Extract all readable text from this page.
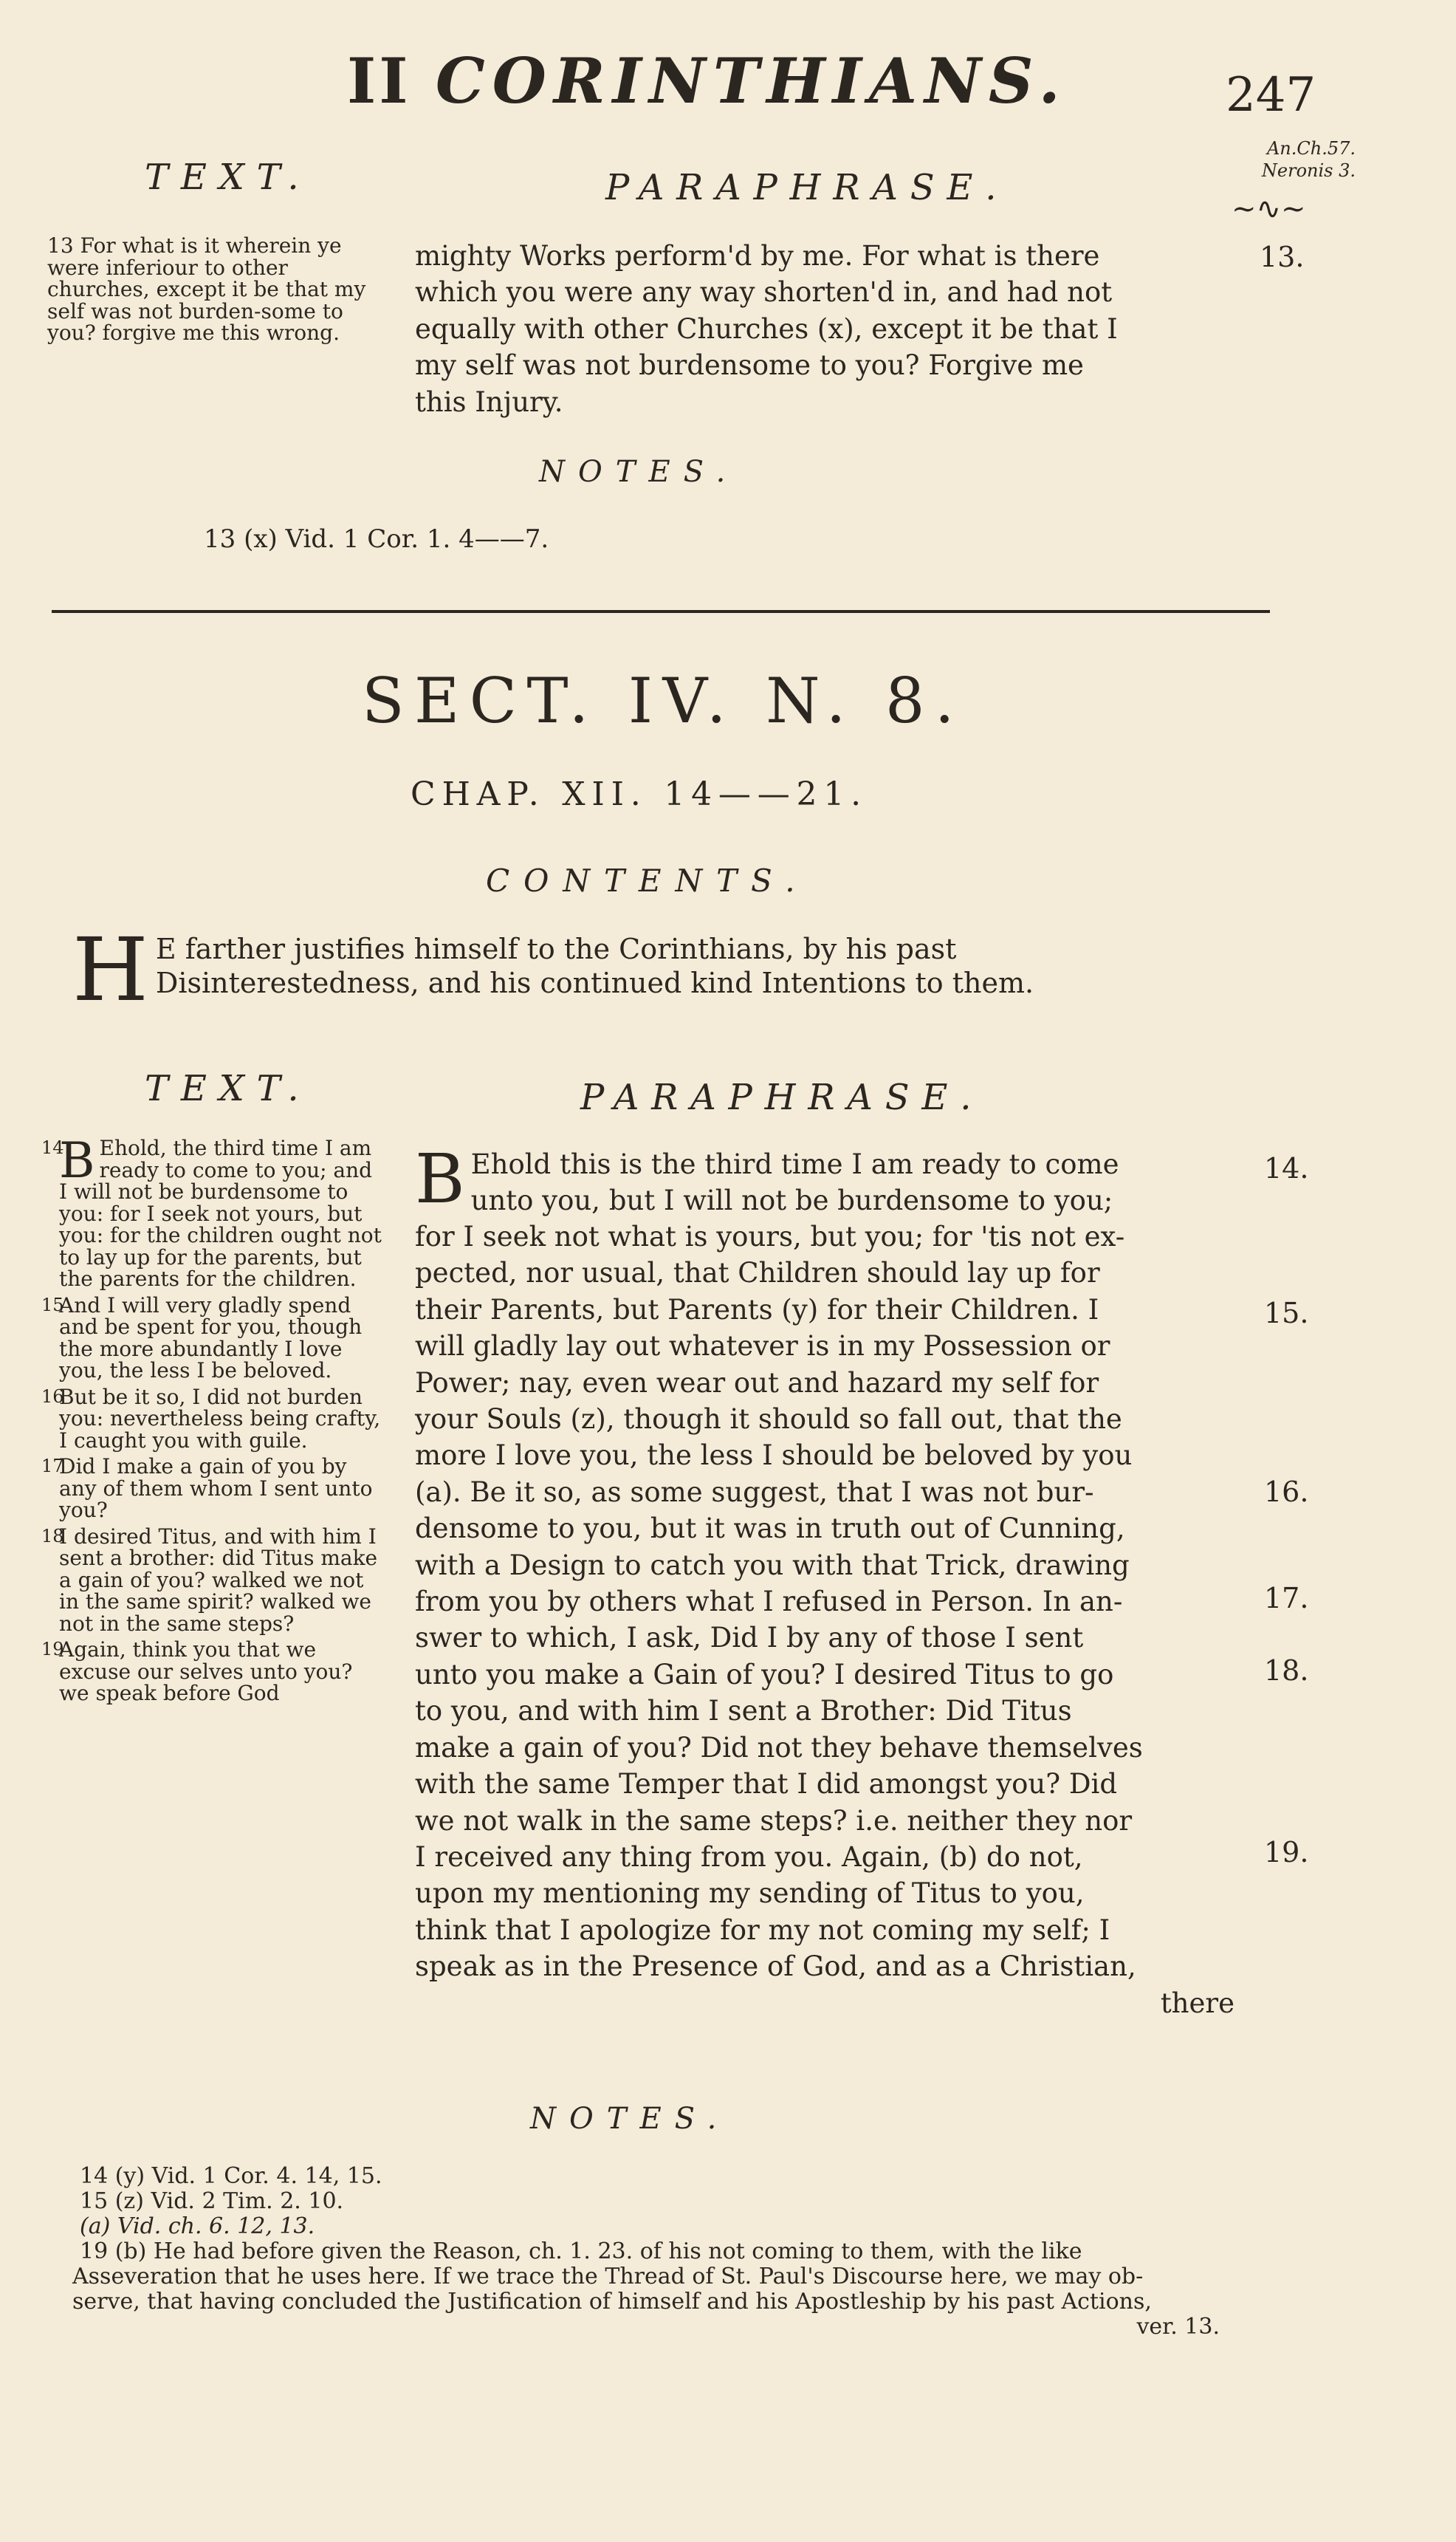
II CORINTHIANS.	247
An.Ch.57.
Neronis 3.
~∿~
TEXT.	PARAPHRASE.
13 For what is it wherein ye were inferiour to other churches, except it be that my self was not burden-some to you? forgive me this wrong.
mighty Works perform'd by me. For what is there
which you were any way shorten'd in, and had not
equally with other Churches (x), except it be that I
my self was not burdensome to you? Forgive me
this Injury.
13.
NOTES.
13 (x) Vid. 1 Cor. 1. 4——7.
SECT. IV. N. 8.
CHAP. XII. 14——21.
CONTENTS.
H E farther justifies himself to the Corinthians, by his past Disinterestedness, and his continued kind Intentions to them.
TEXT.	PARAPHRASE.
14
B Ehold, the third time I am ready to come to you; and I will not be burdensome to you: for I seek not yours, but you: for the children ought not to lay up for the parents, but the parents for the children.
15
And I will very gladly spend and be spent for you, though the more abundantly I love you, the less I be beloved.
16
But be it so, I did not burden you: nevertheless being crafty, I caught you with guile.
17
Did I make a gain of you by any of them whom I sent unto you?
18
I desired Titus, and with him I sent a brother: did Titus make a gain of you? walked we not in the same spirit? walked we not in the same steps?
19
Again, think you that we excuse our selves unto you? we speak before God
B Ehold this is the third time I am ready to come
unto you, but I will not be burdensome to you;
for I seek not what is yours, but you; for 'tis not ex-
pected, nor usual, that Children should lay up for
their Parents, but Parents (y) for their Children. I
will gladly lay out whatever is in my Possession or
Power; nay, even wear out and hazard my self for
your Souls (z), though it should so fall out, that the
more I love you, the less I should be beloved by you
(a). Be it so, as some suggest, that I was not bur-
densome to you, but it was in truth out of Cunning,
with a Design to catch you with that Trick, drawing
from you by others what I refused in Person. In an-
swer to which, I ask, Did I by any of those I sent
unto you make a Gain of you? I desired Titus to go
to you, and with him I sent a Brother: Did Titus
make a gain of you? Did not they behave themselves
with the same Temper that I did amongst you? Did
we not walk in the same steps? i.e. neither they nor
I received any thing from you. Again, (b) do not,
upon my mentioning my sending of Titus to you,
think that I apologize for my not coming my self; I
speak as in the Presence of God, and as a Christian,
there
14.
15.
16.
17.
18.
19.
NOTES.
14 (y) Vid. 1 Cor. 4. 14, 15.
15 (z) Vid. 2 Tim. 2. 10.
(a) Vid. ch. 6. 12, 13.
19 (b) He had before given the Reason, ch. 1. 23. of his not coming to them, with the like
Asseveration that he uses here. If we trace the Thread of St. Paul's Discourse here, we may ob-
serve, that having concluded the Justification of himself and his Apostleship by his past Actions,
ver. 13.
